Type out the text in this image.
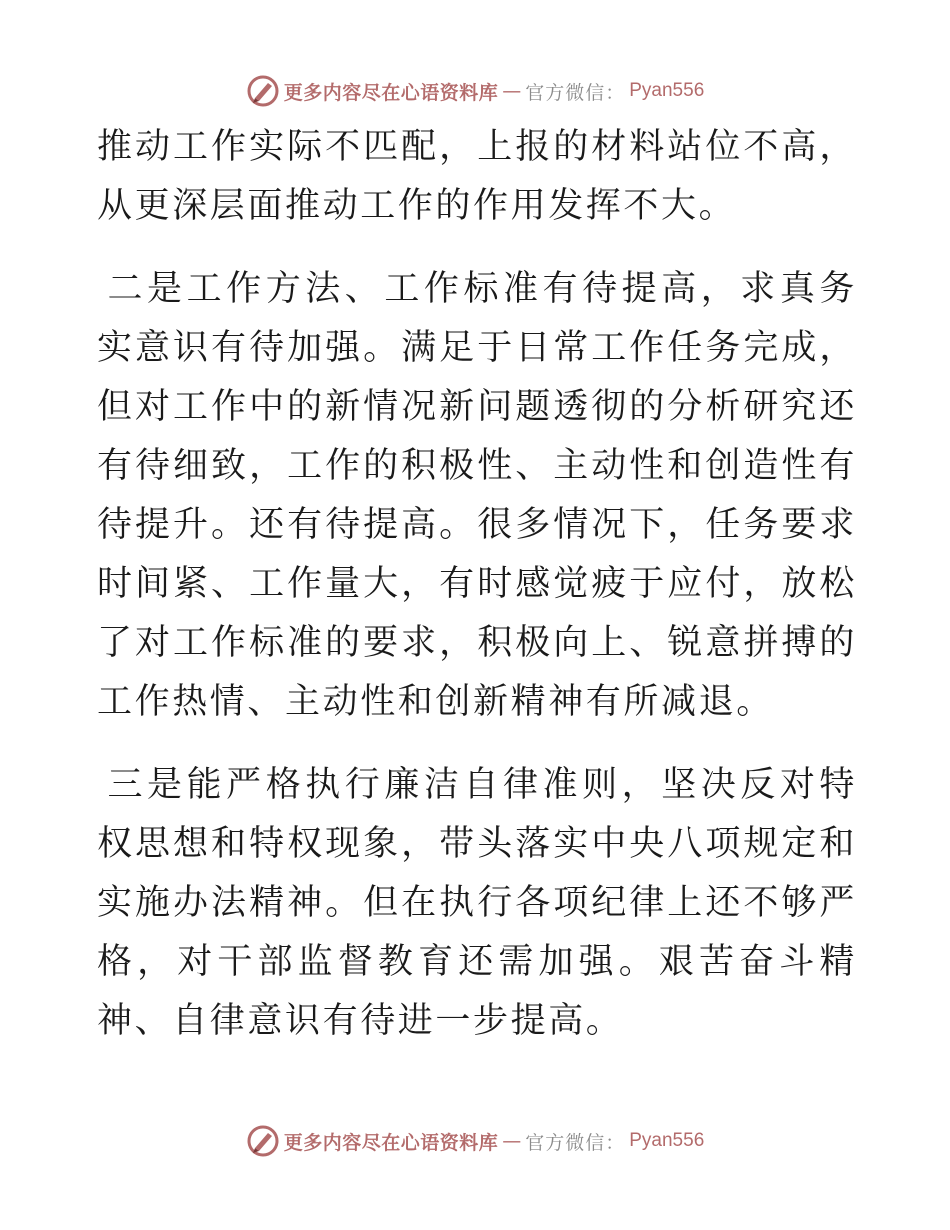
更多内容尽在心语资料库 — 官方微信： Pyan556

推动工作实际不匹配，上报的材料站位不高，从更深层面推动工作的作用发挥不大。

二是工作方法、工作标准有待提高，求真务实意识有待加强。满足于日常工作任务完成，但对工作中的新情况新问题透彻的分析研究还有待细致，工作的积极性、主动性和创造性有待提升。还有待提高。很多情况下，任务要求时间紧、工作量大，有时感觉疲于应付，放松了对工作标准的要求，积极向上、锐意拼搏的工作热情、主动性和创新精神有所减退。

三是能严格执行廉洁自律准则，坚决反对特权思想和特权现象，带头落实中央八项规定和实施办法精神。但在执行各项纪律上还不够严格，对干部监督教育还需加强。艰苦奋斗精神、自律意识有待进一步提高。

更多内容尽在心语资料库 — 官方微信： Pyan556
